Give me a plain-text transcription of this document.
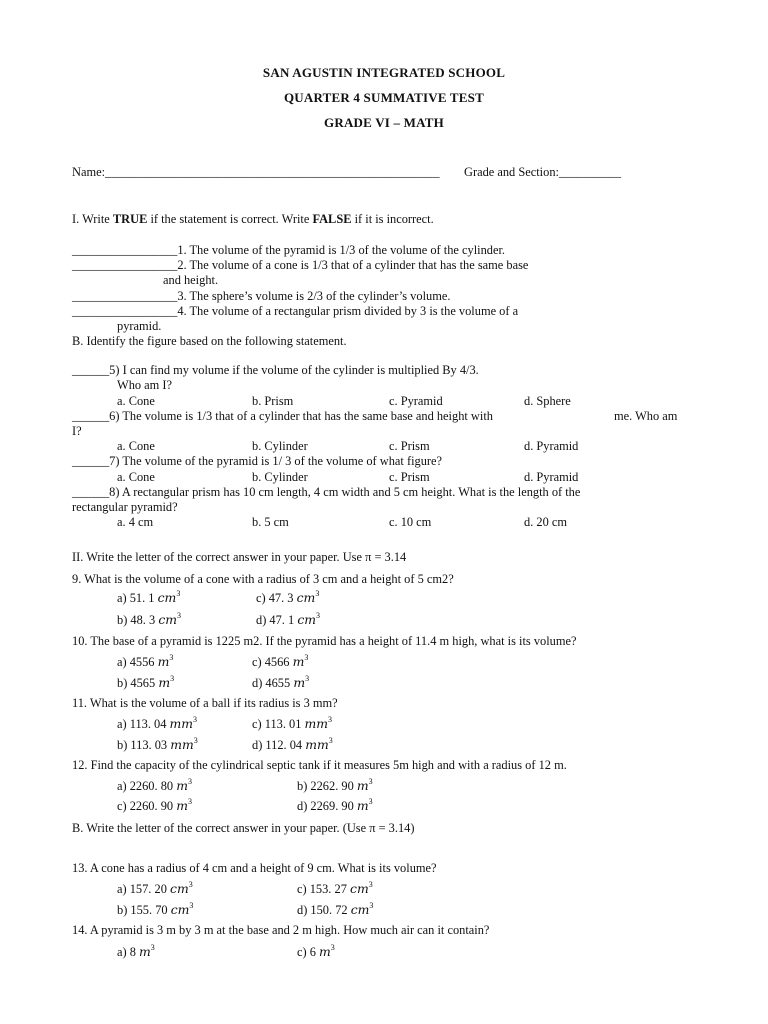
SAN AGUSTIN INTEGRATED SCHOOL
QUARTER 4 SUMMATIVE TEST
GRADE VI – MATH
Name:______________________________________________________ Grade and Section:__________
I. Write TRUE if the statement is correct. Write FALSE if it is incorrect.
_________________1. The volume of the pyramid is 1/3 of the volume of the cylinder.
_________________2. The volume of a cone is 1/3 that of a cylinder that has the same base
and height.
_________________3. The sphere’s volume is 2/3 of the cylinder’s volume.
_________________4. The volume of a rectangular prism divided by 3 is the volume of a
pyramid.
B. Identify the figure based on the following statement.
______5) I can find my volume if the volume of the cylinder is multiplied By 4/3.
Who am I?
a. Cone	b. Prism	c. Pyramid	d. Sphere
______6) The volume is 1/3 that of a cylinder that has the same base and height with	me. Who am
I?
a. Cone	b. Cylinder	c. Prism	d. Pyramid
______7) The volume of the pyramid is 1/ 3 of the volume of what figure?
a. Cone	b. Cylinder	c. Prism	d. Pyramid
______8) A rectangular prism has 10 cm length, 4 cm width and 5 cm height. What is the length of the
rectangular pyramid?
a. 4 cm	b. 5 cm	c. 10 cm	d. 20 cm
II. Write the letter of the correct answer in your paper. Use π = 3.14
9. What is the volume of a cone with a radius of 3 cm and a height of 5 cm2?
a) 51. 1 $cm^3$	c) 47. 3 $cm^3$
b) 48. 3 $cm^3$	d) 47. 1 $cm^3$
10. The base of a pyramid is 1225 m2. If the pyramid has a height of 11.4 m high, what is its volume?
a) 4556 $m^3$	c) 4566 $m^3$
b) 4565 $m^3$	d) 4655 $m^3$
11. What is the volume of a ball if its radius is 3 mm?
a) 113. 04 $mm^3$	c) 113. 01 $mm^3$
b) 113. 03 $mm^3$	d) 112. 04 $mm^3$
12. Find the capacity of the cylindrical septic tank if it measures 5m high and with a radius of 12 m.
a) 2260. 80 $m^3$	b) 2262. 90 $m^3$
c) 2260. 90 $m^3$	d) 2269. 90 $m^3$
B. Write the letter of the correct answer in your paper. (Use π = 3.14)
13. A cone has a radius of 4 cm and a height of 9 cm. What is its volume?
a) 157. 20 $cm^3$	c) 153. 27 $cm^3$
b) 155. 70 $cm^3$	d) 150. 72 $cm^3$
14. A pyramid is 3 m by 3 m at the base and 2 m high. How much air can it contain?
a) 8 $m^3$	c) 6 $m^3$
